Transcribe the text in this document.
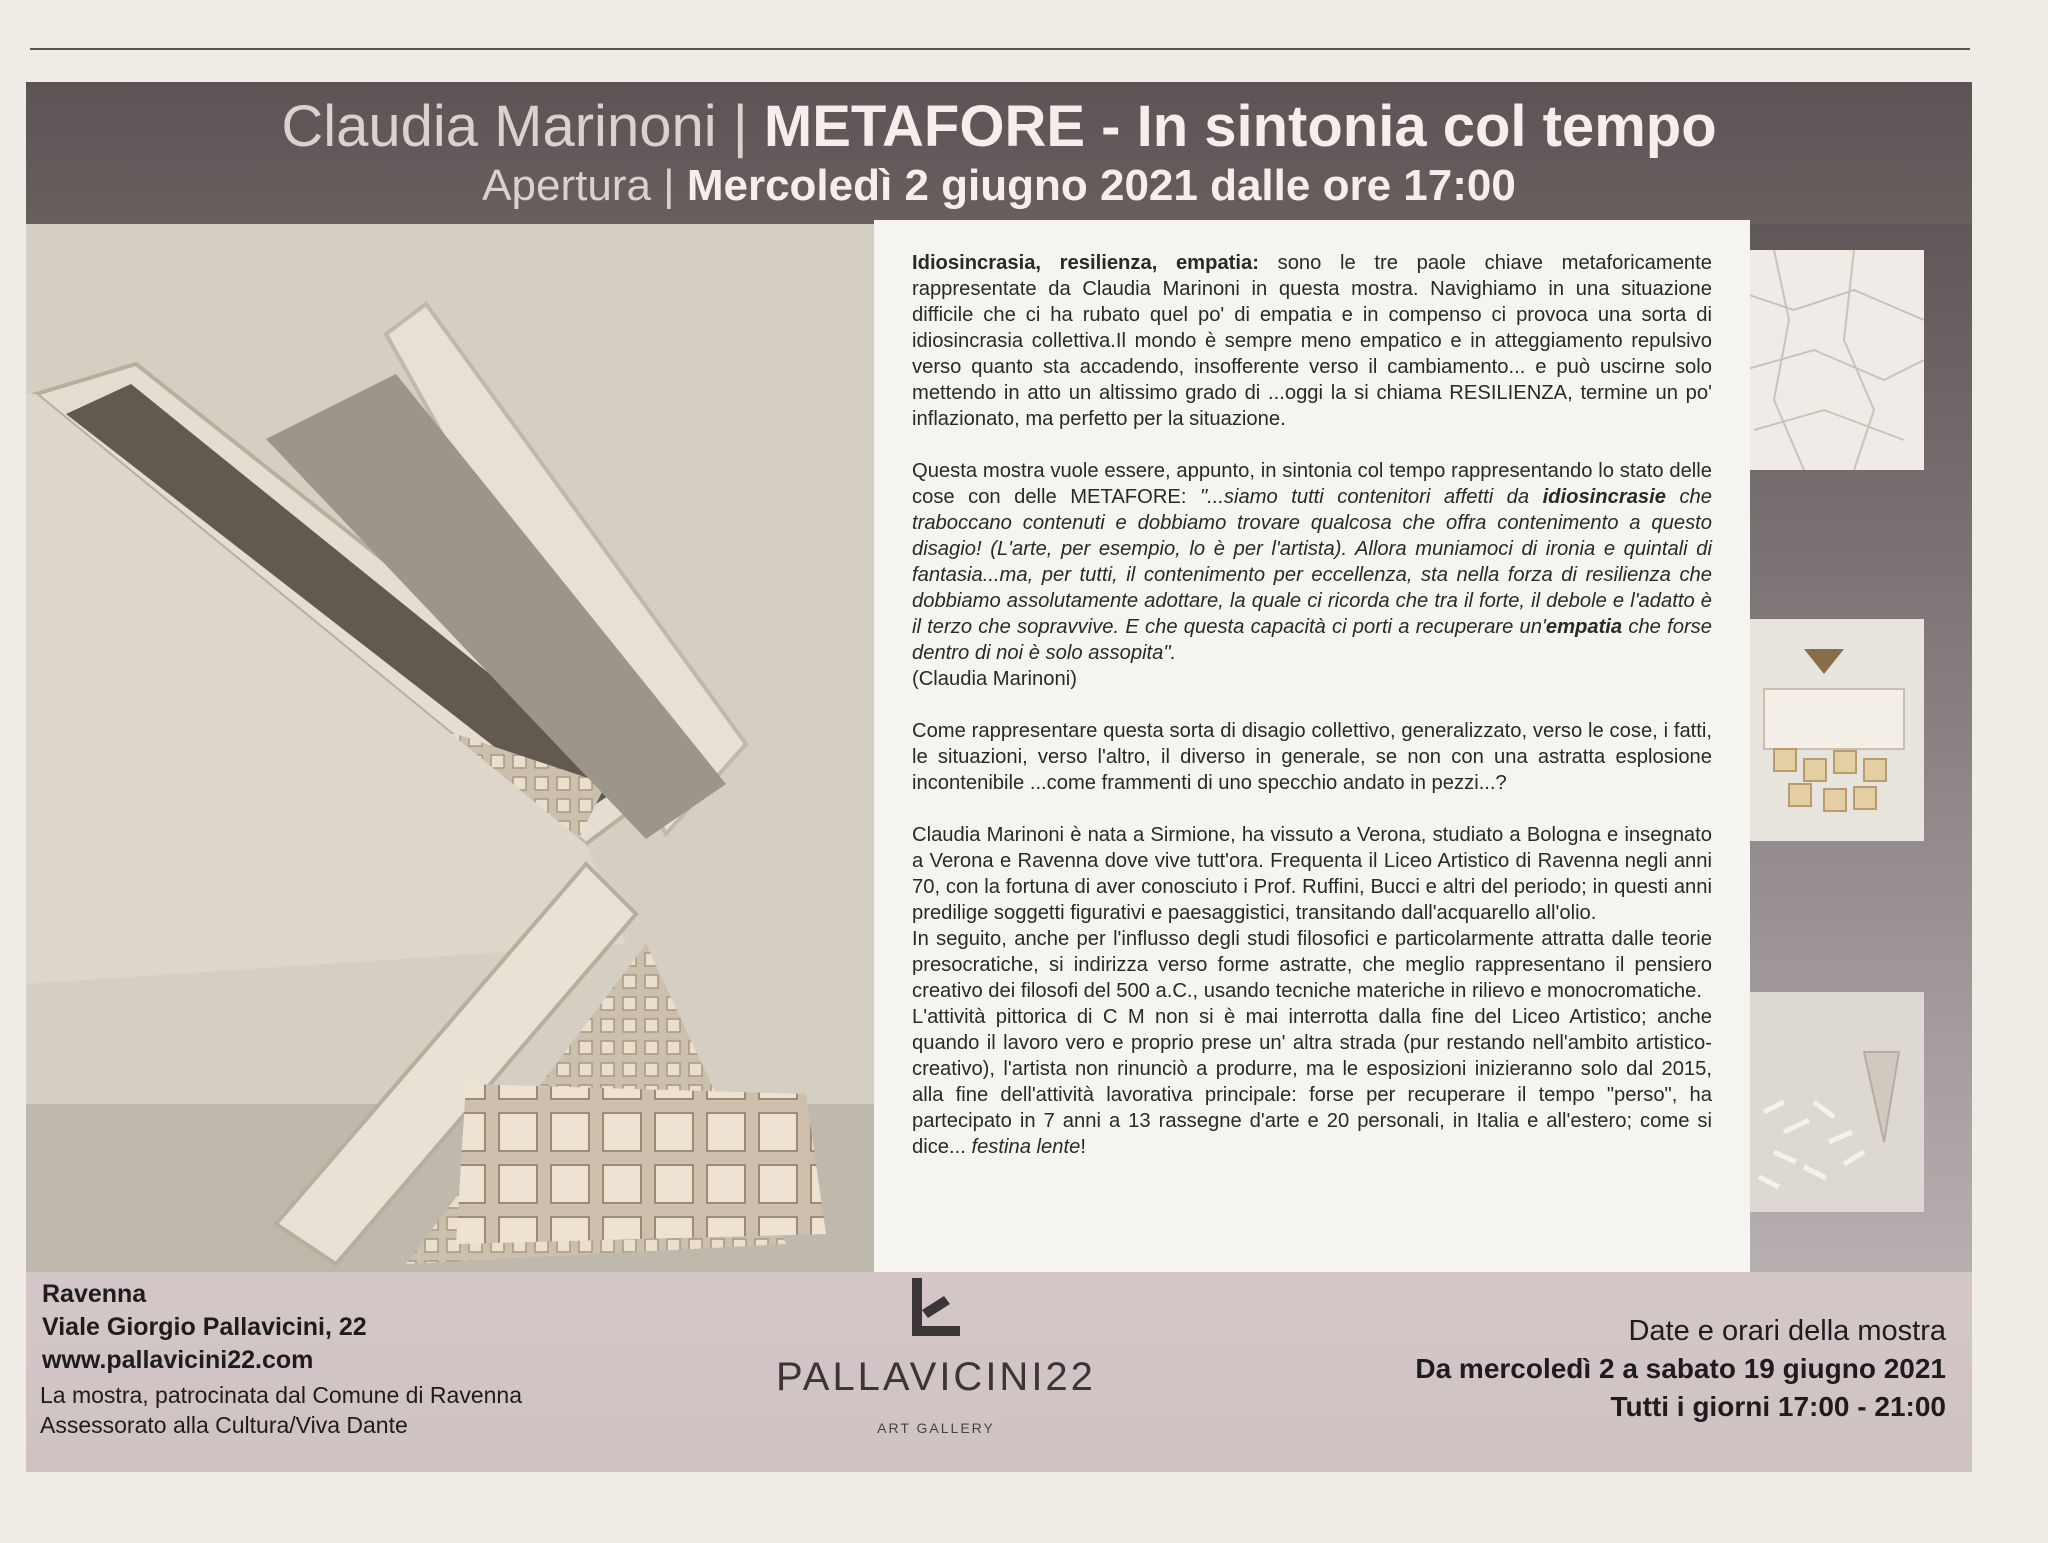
Claudia Marinoni | METAFORE - In sintonia col tempo
Apertura | Mercoledì 2 giugno 2021 dalle ore 17:00

Idiosincrasia, resilienza, empatia: sono le tre paole chiave metaforicamente rappresentate da Claudia Marinoni in questa mostra. Navighiamo in una situazione difficile che ci ha rubato quel po' di empatia e in compenso ci provoca una sorta di idiosincrasia collettiva.Il mondo è sempre meno empatico e in atteggiamento repulsivo verso quanto sta accadendo, insofferente verso il cambiamento... e può uscirne solo mettendo in atto un altissimo grado di ...oggi la si chiama RESILIENZA, termine un po' inflazionato, ma perfetto per la situazione.

Questa mostra vuole essere, appunto, in sintonia col tempo rappresentando lo stato delle cose con delle METAFORE: "...siamo tutti contenitori affetti da idiosincrasie che traboccano contenuti e dobbiamo trovare qualcosa che offra contenimento a questo disagio! (L'arte, per esempio, lo è per l'artista). Allora muniamoci di ironia e quintali di fantasia...ma, per tutti, il contenimento per eccellenza, sta nella forza di resilienza che dobbiamo assolutamente adottare, la quale ci ricorda che tra il forte, il debole e l'adatto è il terzo che sopravvive. E che questa capacità ci porti a recuperare un'empatia che forse dentro di noi è solo assopita".
(Claudia Marinoni)

Come rappresentare questa sorta di disagio collettivo, generalizzato, verso le cose, i fatti, le situazioni, verso l'altro, il diverso in generale, se non con una astratta esplosione incontenibile ...come frammenti di uno specchio andato in pezzi...?

Claudia Marinoni è nata a Sirmione, ha vissuto a Verona, studiato a Bologna e insegnato a Verona e Ravenna dove vive tutt'ora. Frequenta il Liceo Artistico di Ravenna negli anni 70, con la fortuna di aver conosciuto i Prof. Ruffini, Bucci e altri del periodo; in questi anni predilige soggetti figurativi e paesaggistici, transitando dall'acquarello all'olio.

In seguito, anche per l'influsso degli studi filosofici e particolarmente attratta dalle teorie presocratiche, si indirizza verso forme astratte, che meglio rappresentano il pensiero creativo dei filosofi del 500 a.C., usando tecniche materiche in rilievo e monocromatiche.

L'attività pittorica di C M non si è mai interrotta dalla fine del Liceo Artistico; anche quando il lavoro vero e proprio prese un' altra strada (pur restando nell'ambito artistico-creativo), l'artista non rinunciò a produrre, ma le esposizioni inizieranno solo dal 2015, alla fine dell'attività lavorativa principale: forse per recuperare il tempo "perso", ha partecipato in 7 anni a 13 rassegne d'arte e 20 personali, in Italia e all'estero; come si dice... festina lente!

Ravenna
Viale Giorgio Pallavicini, 22
www.pallavicini22.com
La mostra, patrocinata dal Comune di Ravenna
Assessorato alla Cultura/Viva Dante
PALLAVICINI22
ART GALLERY
Date e orari della mostra
Da mercoledì 2 a sabato 19 giugno 2021
Tutti i giorni 17:00 - 21:00
